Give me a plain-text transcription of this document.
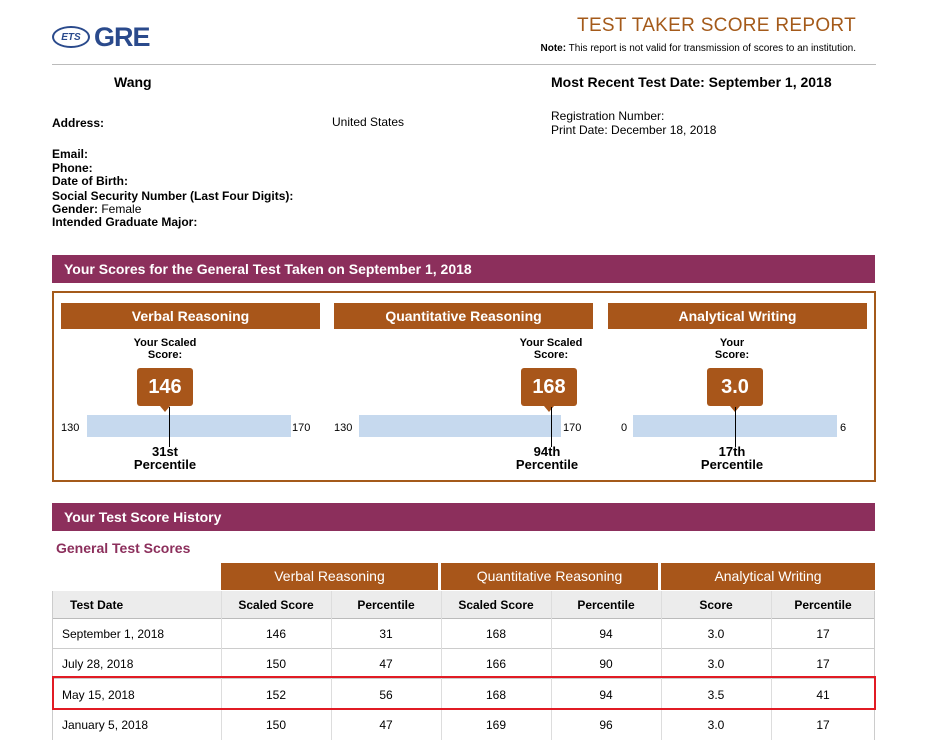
ETS GRE	TEST TAKER SCORE REPORT
Note: This report is not valid for transmission of scores to an institution.
Wang	Most Recent Test Date: September 1, 2018
Address:	United States	Registration Number:
Print Date: December 18, 2018
Email:
Phone:
Date of Birth:
Social Security Number (Last Four Digits):
Gender: Female
Intended Graduate Major:
Your Scores for the General Test Taken on September 1, 2018
Verbal Reasoning
Your Scaled
Score:
146
130	170
31st
Percentile
Quantitative Reasoning
Your Scaled
Score:
168
130	170
94th
Percentile
Analytical Writing
Your
Score:
3.0
0	6
17th
Percentile
Your Test Score History
General Test Scores
Verbal Reasoning	Quantitative Reasoning	Analytical Writing
Test Date	Scaled Score	Percentile	Scaled Score	Percentile	Score	Percentile
September 1, 2018	146	31	168	94	3.0	17
July 28, 2018	150	47	166	90	3.0	17
May 15, 2018	152	56	168	94	3.5	41
January 5, 2018	150	47	169	96	3.0	17
